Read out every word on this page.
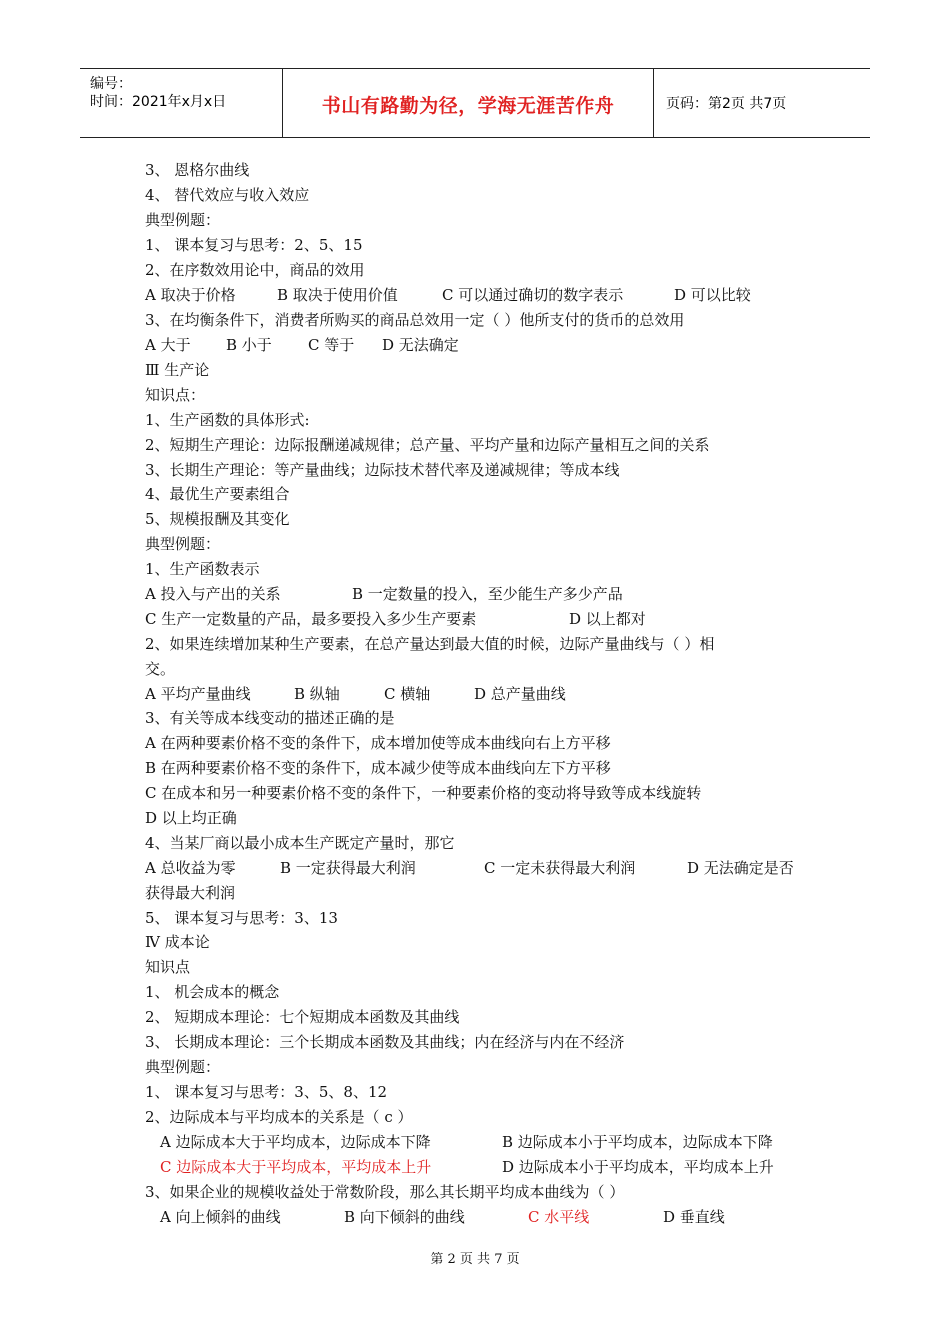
编号：
时间：2021年x月x日	书山有路勤为径，学海无涯苦作舟	页码：第2页 共7页
3、 恩格尔曲线
4、 替代效应与收入效应
典型例题：
1、 课本复习与思考：2、5、15
2、在序数效用论中，商品的效用
A 取决于价格	B 取决于使用价值	C 可以通过确切的数字表示	D 可以比较
3、在均衡条件下，消费者所购买的商品总效用一定（ ）他所支付的货币的总效用
A 大于 B 小于 C 等于 D 无法确定
Ⅲ 生产论
知识点：
1、生产函数的具体形式:
2、短期生产理论：边际报酬递减规律；总产量、平均产量和边际产量相互之间的关系
3、长期生产理论：等产量曲线；边际技术替代率及递减规律；等成本线
4、最优生产要素组合
5、规模报酬及其变化
典型例题：
1、生产函数表示
A 投入与产出的关系	B 一定数量的投入，至少能生产多少产品
C 生产一定数量的产品，最多要投入多少生产要素	D 以上都对
2、如果连续增加某种生产要素，在总产量达到最大值的时候，边际产量曲线与（ ）相
交。
A 平均产量曲线	B 纵轴	C 横轴	D 总产量曲线
3、有关等成本线变动的描述正确的是
A 在两种要素价格不变的条件下，成本增加使等成本曲线向右上方平移
B 在两种要素价格不变的条件下，成本减少使等成本曲线向左下方平移
C 在成本和另一种要素价格不变的条件下，一种要素价格的变动将导致等成本线旋转
D 以上均正确
4、当某厂商以最小成本生产既定产量时，那它
A 总收益为零	B 一定获得最大利润	C 一定未获得最大利润	D 无法确定是否
获得最大利润
5、 课本复习与思考：3、13
Ⅳ 成本论
知识点
1、 机会成本的概念
2、 短期成本理论：七个短期成本函数及其曲线
3、 长期成本理论：三个长期成本函数及其曲线；内在经济与内在不经济
典型例题：
1、 课本复习与思考：3、5、8、12
2、边际成本与平均成本的关系是（ c ）
A 边际成本大于平均成本，边际成本下降	B 边际成本小于平均成本，边际成本下降
C 边际成本大于平均成本，平均成本上升	D 边际成本小于平均成本，平均成本上升
3、如果企业的规模收益处于常数阶段，那么其长期平均成本曲线为（ ）
A 向上倾斜的曲线	B 向下倾斜的曲线	C 水平线	D 垂直线
第 2 页 共 7 页
